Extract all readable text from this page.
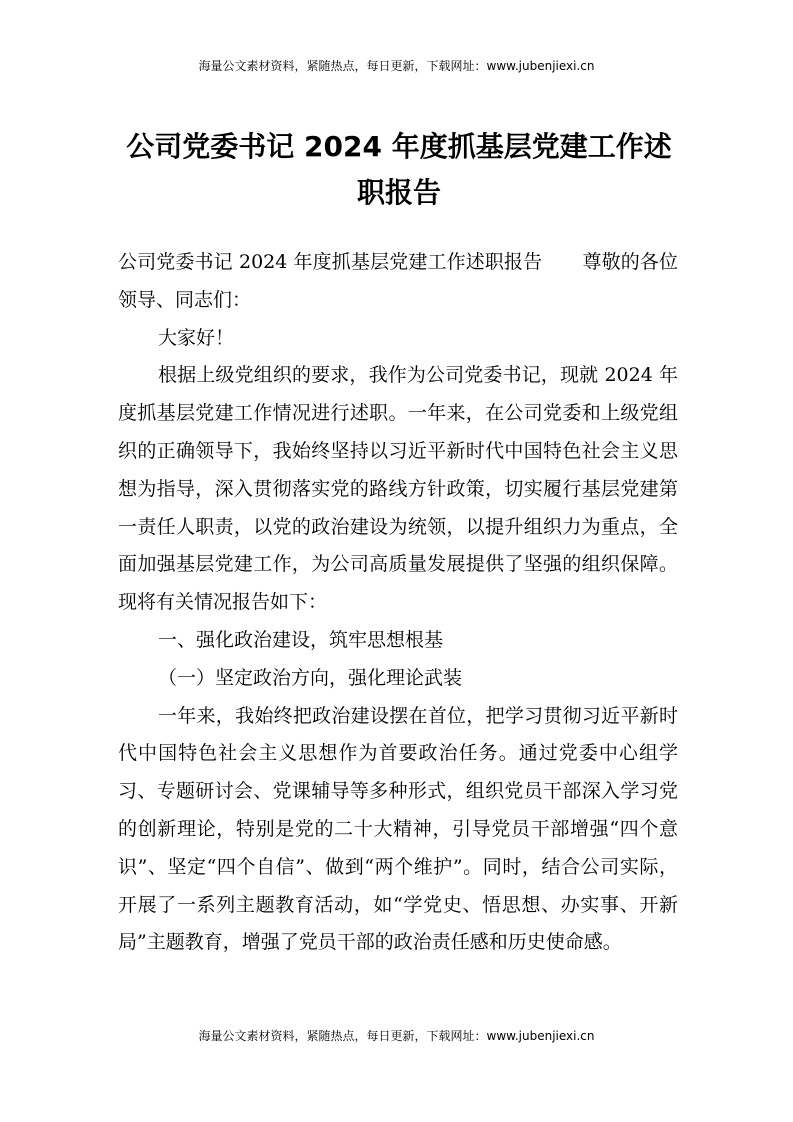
海量公文素材资料，紧随热点，每日更新，下载网址：www.jubenjiexi.cn
公司党委书记 2024 年度抓基层党建工作述职报告

公司党委书记 2024 年度抓基层党建工作述职报告 尊敬的各位领导、同志们：

大家好！

根据上级党组织的要求，我作为公司党委书记，现就 2024 年度抓基层党建工作情况进行述职。一年来，在公司党委和上级党组织的正确领导下，我始终坚持以习近平新时代中国特色社会主义思想为指导，深入贯彻落实党的路线方针政策，切实履行基层党建第一责任人职责，以党的政治建设为统领，以提升组织力为重点，全面加强基层党建工作，为公司高质量发展提供了坚强的组织保障。现将有关情况报告如下：

一、强化政治建设，筑牢思想根基

（一）坚定政治方向，强化理论武装

一年来，我始终把政治建设摆在首位，把学习贯彻习近平新时代中国特色社会主义思想作为首要政治任务。通过党委中心组学习、专题研讨会、党课辅导等多种形式，组织党员干部深入学习党的创新理论，特别是党的二十大精神，引导党员干部增强“四个意识”、坚定“四个自信”、做到“两个维护”。同时，结合公司实际，开展了一系列主题教育活动，如“学党史、悟思想、办实事、开新局”主题教育，增强了党员干部的政治责任感和历史使命感。

海量公文素材资料，紧随热点，每日更新，下载网址：www.jubenjiexi.cn
